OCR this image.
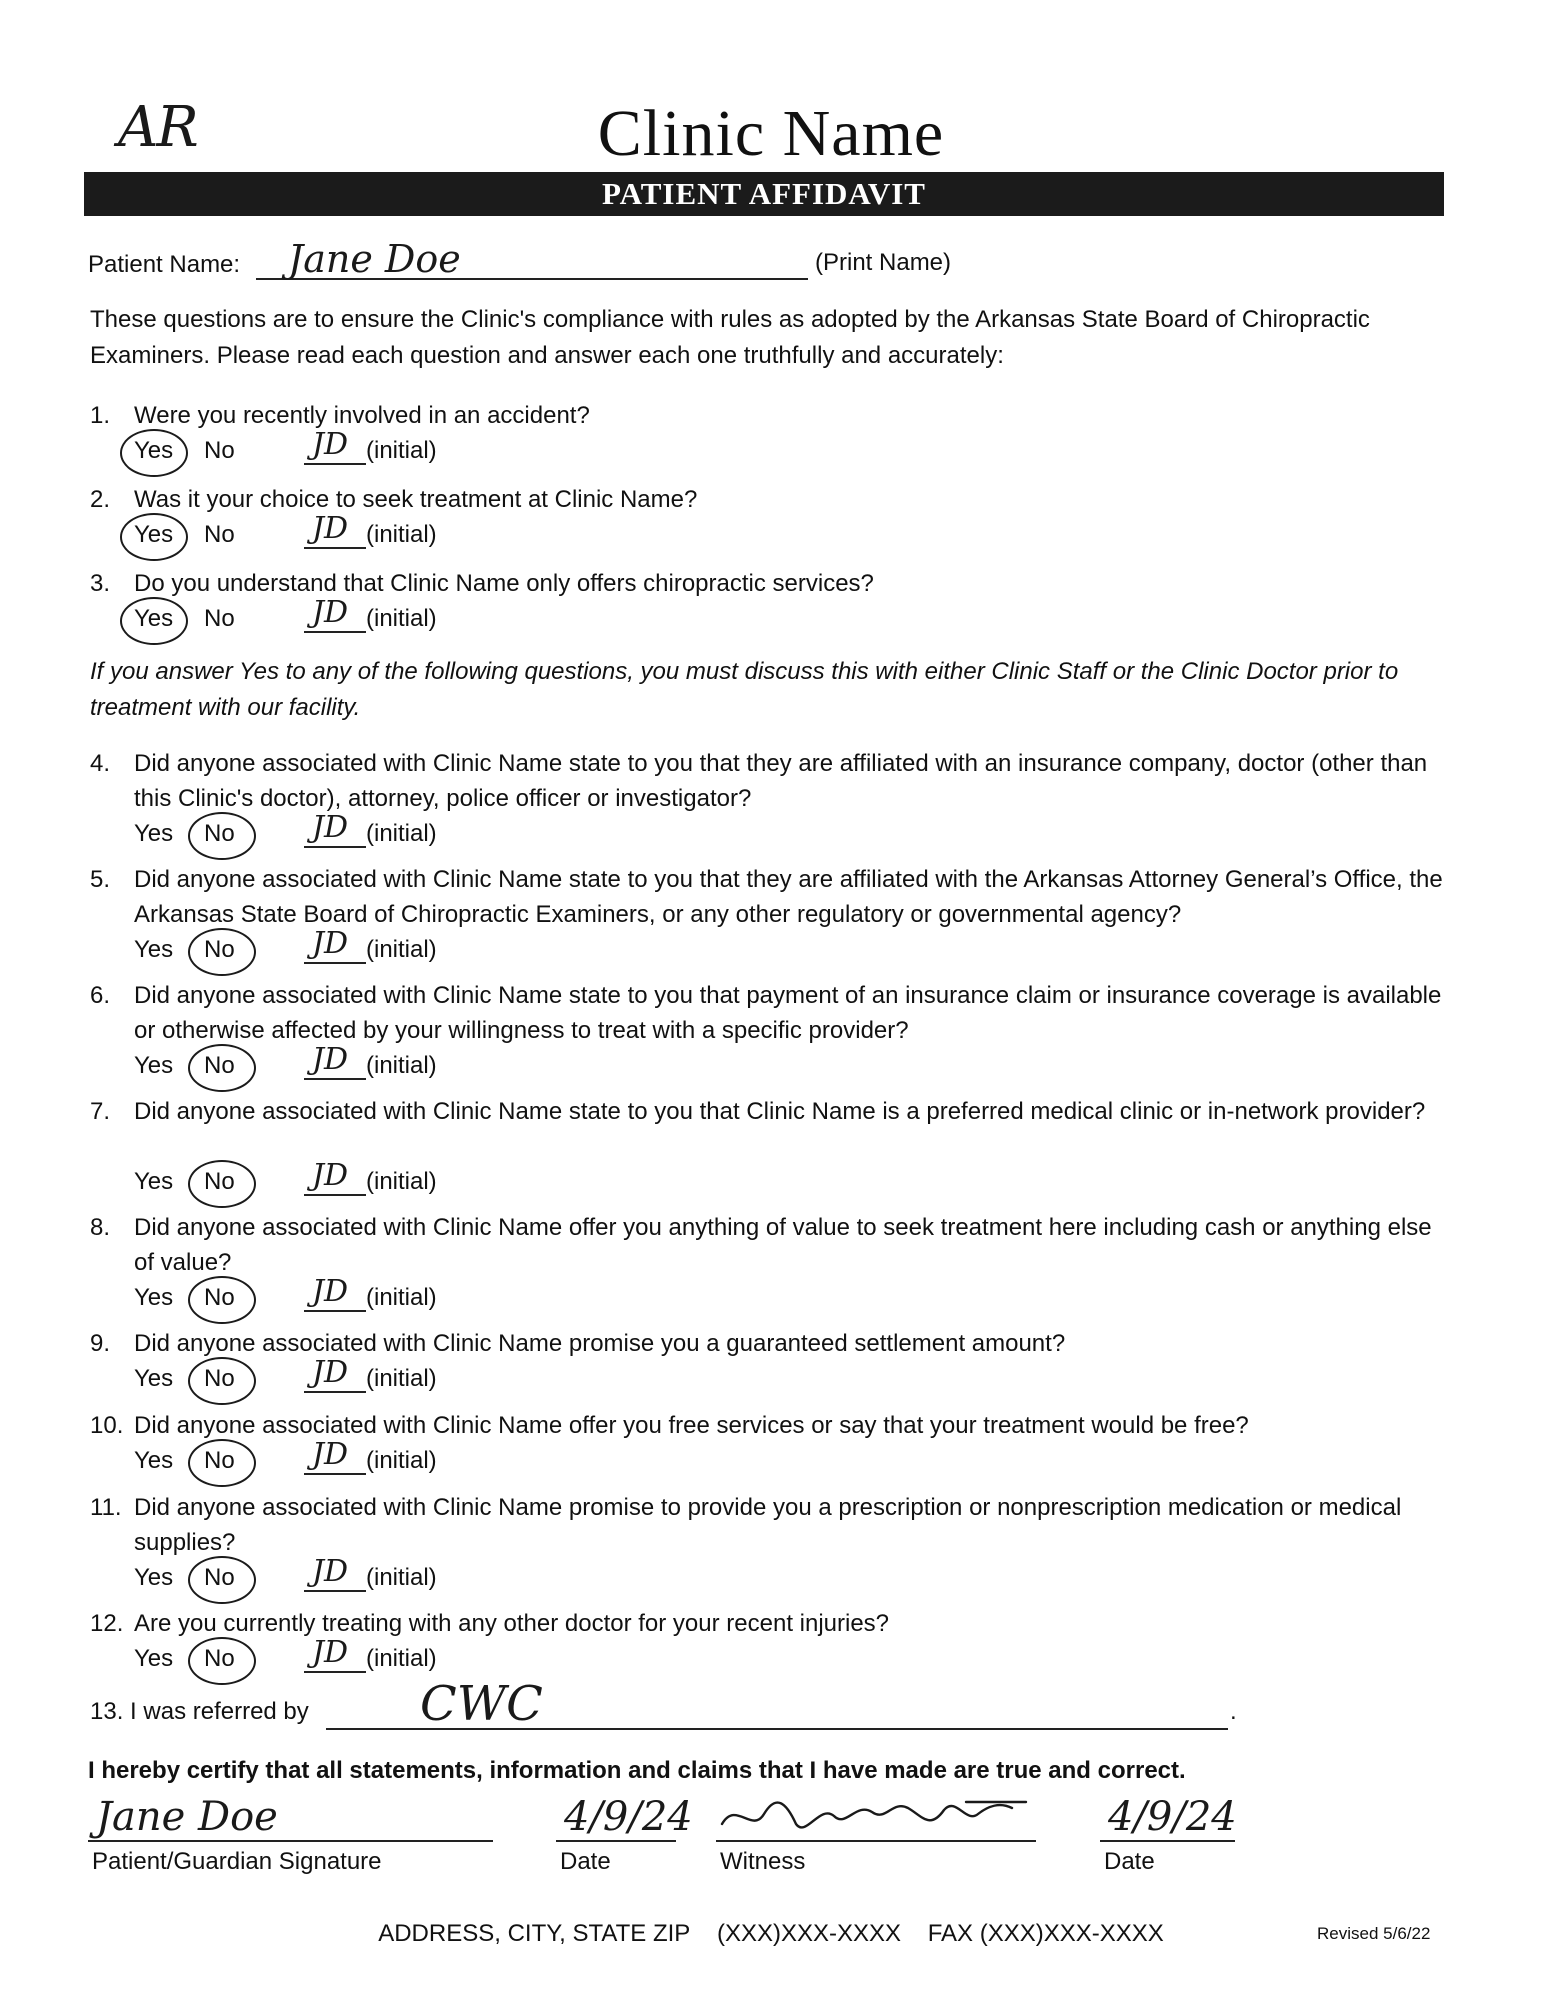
AR	Clinic Name
PATIENT AFFIDAVIT
Patient Name: Jane Doe	(Print Name)
These questions are to ensure the Clinic's compliance with rules as adopted by the Arkansas State Board of Chiropractic Examiners. Please read each question and answer each one truthfully and accurately:
1. Were you recently involved in an accident?
Yes No	JD (initial)
2. Was it your choice to seek treatment at Clinic Name?
Yes No	JD (initial)
3. Do you understand that Clinic Name only offers chiropractic services?
Yes No	JD (initial)
4. Did anyone associated with Clinic Name state to you that they are affiliated with an insurance company, doctor (other than this Clinic's doctor), attorney, police officer or investigator?
Yes No	JD (initial)
5. Did anyone associated with Clinic Name state to you that they are affiliated with the Arkansas Attorney General’s Office, the Arkansas State Board of Chiropractic Examiners, or any other regulatory or governmental agency?
Yes No	JD (initial)
6. Did anyone associated with Clinic Name state to you that payment of an insurance claim or insurance coverage is available or otherwise affected by your willingness to treat with a specific provider?
Yes No	JD (initial)
7. Did anyone associated with Clinic Name state to you that Clinic Name is a preferred medical clinic or in-network provider?
Yes No	JD (initial)
8. Did anyone associated with Clinic Name offer you anything of value to seek treatment here including cash or anything else of value?
Yes No	JD (initial)
9. Did anyone associated with Clinic Name promise you a guaranteed settlement amount?
Yes No	JD (initial)
10. Did anyone associated with Clinic Name offer you free services or say that your treatment would be free?
Yes No	JD (initial)
11. Did anyone associated with Clinic Name promise to provide you a prescription or nonprescription medication or medical supplies?
Yes No	JD (initial)
12. Are you currently treating with any other doctor for your recent injuries?
Yes No	JD (initial)
If you answer Yes to any of the following questions, you must discuss this with either Clinic Staff or the Clinic Doctor prior to treatment with our facility.
13. I was referred by CWC	.
I hereby certify that all statements, information and claims that I have made are true and correct.
Jane Doe
Patient/Guardian Signature
4/9/24
Date	Witness
4/9/24
Date
ADDRESS, CITY, STATE ZIP (XXX)XXX-XXXX FAX (XXX)XXX-XXXX	Revised 5/6/22
